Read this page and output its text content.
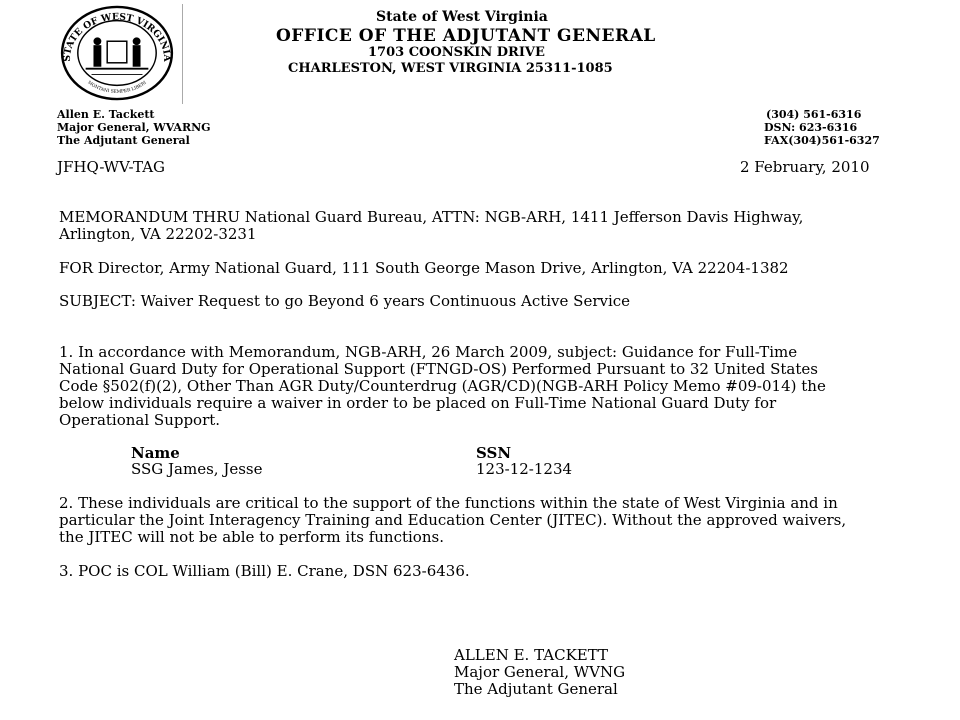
STATE OF WEST VIRGINIA
MONTANI SEMPER LIBERI
State of West Virginia
OFFICE OF THE ADJUTANT GENERAL
1703 COONSKIN DRIVE
CHARLESTON, WEST VIRGINIA 25311-1085
Allen E. Tackett
Major General, WVARNG
The Adjutant General
(304) 561-6316
DSN: 623-6316
FAX(304)561-6327
JFHQ-WV-TAG	2 February, 2010
MEMORANDUM THRU National Guard Bureau, ATTN: NGB-ARH, 1411 Jefferson Davis Highway,
Arlington, VA 22202-3231
FOR Director, Army National Guard, 111 South George Mason Drive, Arlington, VA 22204-1382
SUBJECT: Waiver Request to go Beyond 6 years Continuous Active Service
1. In accordance with Memorandum, NGB-ARH, 26 March 2009, subject: Guidance for Full-Time
National Guard Duty for Operational Support (FTNGD-OS) Performed Pursuant to 32 United States
Code §502(f)(2), Other Than AGR Duty/Counterdrug (AGR/CD)(NGB-ARH Policy Memo #09-014) the
below individuals require a waiver in order to be placed on Full-Time National Guard Duty for
Operational Support.
Name	SSN
SSG James, Jesse	123-12-1234
2. These individuals are critical to the support of the functions within the state of West Virginia and in
particular the Joint Interagency Training and Education Center (JITEC). Without the approved waivers,
the JITEC will not be able to perform its functions.
3. POC is COL William (Bill) E. Crane, DSN 623-6436.
ALLEN E. TACKETT
Major General, WVNG
The Adjutant General
